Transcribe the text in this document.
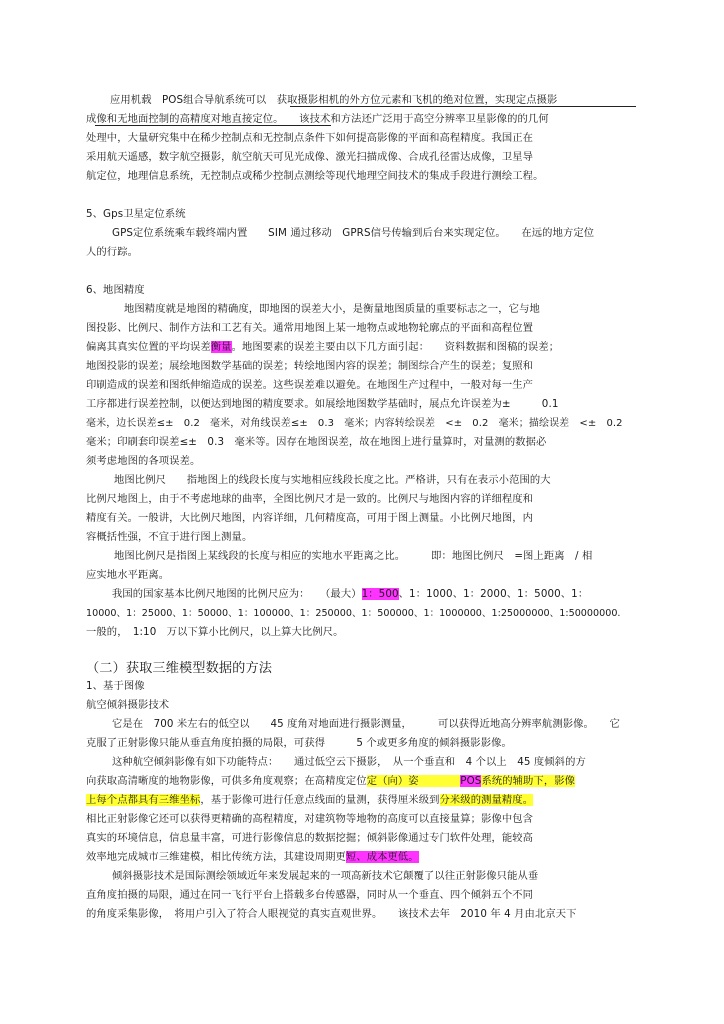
应用机载　POS组合导航系统可以　获取摄影相机的外方位元素和飞机的绝对位置，实现定点摄影
成像和无地面控制的高精度对地直接定位。　　该技术和方法还广泛用于高空分辨率卫星影像的的几何
处理中，大量研究集中在稀少控制点和无控制点条件下如何提高影像的平面和高程精度。我国正在
采用航天遥感，数字航空摄影，航空航天可见光成像、激光扫描成像、合成孔径雷达成像，卫星导
航定位，地理信息系统，无控制点或稀少控制点测绘等现代地理空间技术的集成手段进行测绘工程。
5、Gps卫星定位系统
GPS定位系统乘车载终端内置　　SIM 通过移动　GPRS信号传输到后台来实现定位。　　在远的地方定位
人的行踪。
6、地图精度
地图精度就是地图的精确度，即地图的误差大小，是衡量地图质量的重要标志之一，它与地
图投影、比例尺、制作方法和工艺有关。通常用地图上某一地物点或地物轮廓点的平面和高程位置
偏离其真实位置的平均误差衡量。地图要素的误差主要由以下几方面引起：　　资料数据和图稿的误差；
地图投影的误差；展绘地图数学基础的误差；转绘地图内容的误差；制图综合产生的误差；复照和
印刷造成的误差和图纸伸缩造成的误差。这些误差难以避免。在地图生产过程中，一般对每一生产
工序都进行误差控制，以便达到地图的精度要求。如展绘地图数学基础时，展点允许误差为±　　　0.1
毫米，边长误差≤±　0.2　毫米，对角线误差≤±　0.3　毫米；内容转绘误差　<±　0.2　毫米；描绘误差　<±　0.2
毫米；印刷套印误差≤±　0.3　毫米等。因存在地图误差，故在地图上进行量算时，对量测的数据必
须考虑地图的各项误差。
地图比例尺　　指地图上的线段长度与实地相应线段长度之比。严格讲，只有在表示小范围的大
比例尺地图上，由于不考虑地球的曲率，全图比例尺才是一致的。比例尺与地图内容的详细程度和
精度有关。一般讲，大比例尺地图，内容详细，几何精度高，可用于图上测量。小比例尺地图，内
容概括性强，不宜于进行图上测量。
地图比例尺是指图上某线段的长度与相应的实地水平距离之比。　　　即：地图比例尺　=图上距离　/ 相
应实地水平距离。
我国的国家基本比例尺地图的比例尺应为：　　（最大）1：500、1：1000、1：2000、1：5000、1：
10000、1：25000、1：50000、1：100000、1：250000、1：500000、1：1000000、1:25000000、1:50000000.
一般的，　1:10　万以下算小比例尺，以上算大比例尺。
（二）获取三维模型数据的方法
1、基于图像
航空倾斜摄影技术
它是在　700 米左右的低空以　　45 度角对地面进行摄影测量，　　　可以获得近地高分辨率航测影像。　　它
克服了正射影像只能从垂直角度拍摄的局限，可获得　　　5 个或更多角度的倾斜摄影影像。
这种航空倾斜影像有如下功能特点：　　通过低空云下摄影，　从一个垂直和　4 个以上　45 度倾斜的方
向获取高清晰度的地物影像，可供多角度观察；在高精度定位定（向）姿　　　　POS系统的辅助下，影像
上每个点都具有三维坐标，基于影像可进行任意点线面的量测，获得厘米级到分米级的测量精度。
相比正射影像它还可以获得更精确的高程精度，对建筑物等地物的高度可以直接量算；影像中包含
真实的环境信息，信息量丰富，可进行影像信息的数据挖掘；倾斜影像通过专门软件处理，能较高
效率地完成城市三维建模，相比传统方法，其建设周期更短、成本更低。
倾斜摄影技术是国际测绘领域近年来发展起来的一项高新技术它颠覆了以往正射影像只能从垂
直角度拍摄的局限，通过在同一飞行平台上搭载多台传感器，同时从一个垂直、四个倾斜五个不同
的角度采集影像，　将用户引入了符合人眼视觉的真实直观世界。　　该技术去年　2010 年 4 月由北京天下
